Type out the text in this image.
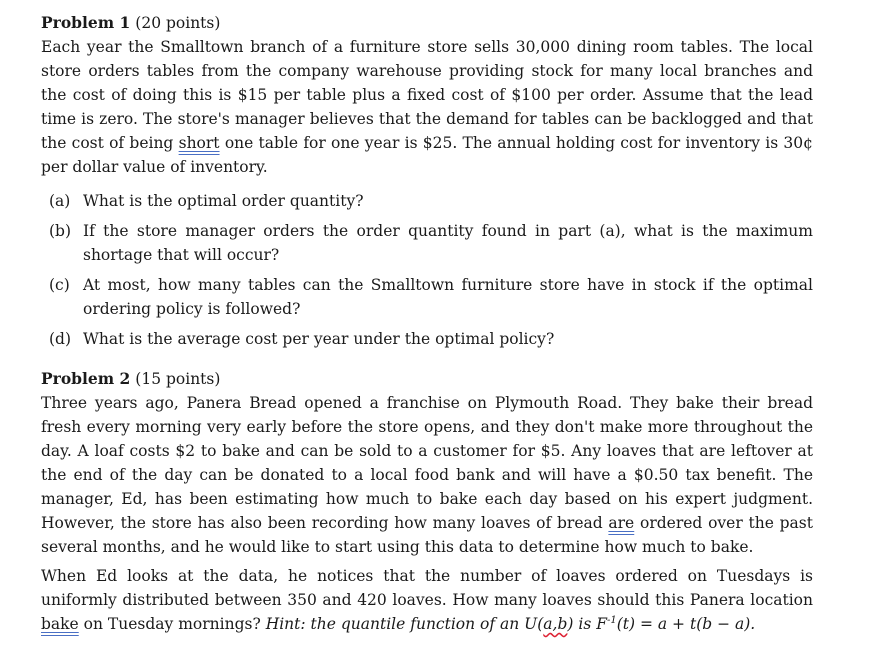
Problem 1 (20 points)

Each year the Smalltown branch of a furniture store sells 30,000 dining room tables. The local store orders tables from the company warehouse providing stock for many local branches and the cost of doing this is $15 per table plus a fixed cost of $100 per order. Assume that the lead time is zero. The store's manager believes that the demand for tables can be backlogged and that the cost of being short one table for one year is $25. The annual holding cost for inventory is 30¢ per dollar value of inventory.

(a) What is the optimal order quantity?
(b) If the store manager orders the order quantity found in part (a), what is the maximum shortage that will occur?
(c) At most, how many tables can the Smalltown furniture store have in stock if the optimal ordering policy is followed?
(d) What is the average cost per year under the optimal policy?

Problem 2 (15 points)

Three years ago, Panera Bread opened a franchise on Plymouth Road. They bake their bread fresh every morning very early before the store opens, and they don't make more throughout the day. A loaf costs $2 to bake and can be sold to a customer for $5. Any loaves that are leftover at the end of the day can be donated to a local food bank and will have a $0.50 tax benefit. The manager, Ed, has been estimating how much to bake each day based on his expert judgment. However, the store has also been recording how many loaves of bread are ordered over the past several months, and he would like to start using this data to determine how much to bake.

When Ed looks at the data, he notices that the number of loaves ordered on Tuesdays is uniformly distributed between 350 and 420 loaves. How many loaves should this Panera location bake on Tuesday mornings? Hint: the quantile function of an U(a,b) is $F^{-1}(t) = a + t(b - a)$.
